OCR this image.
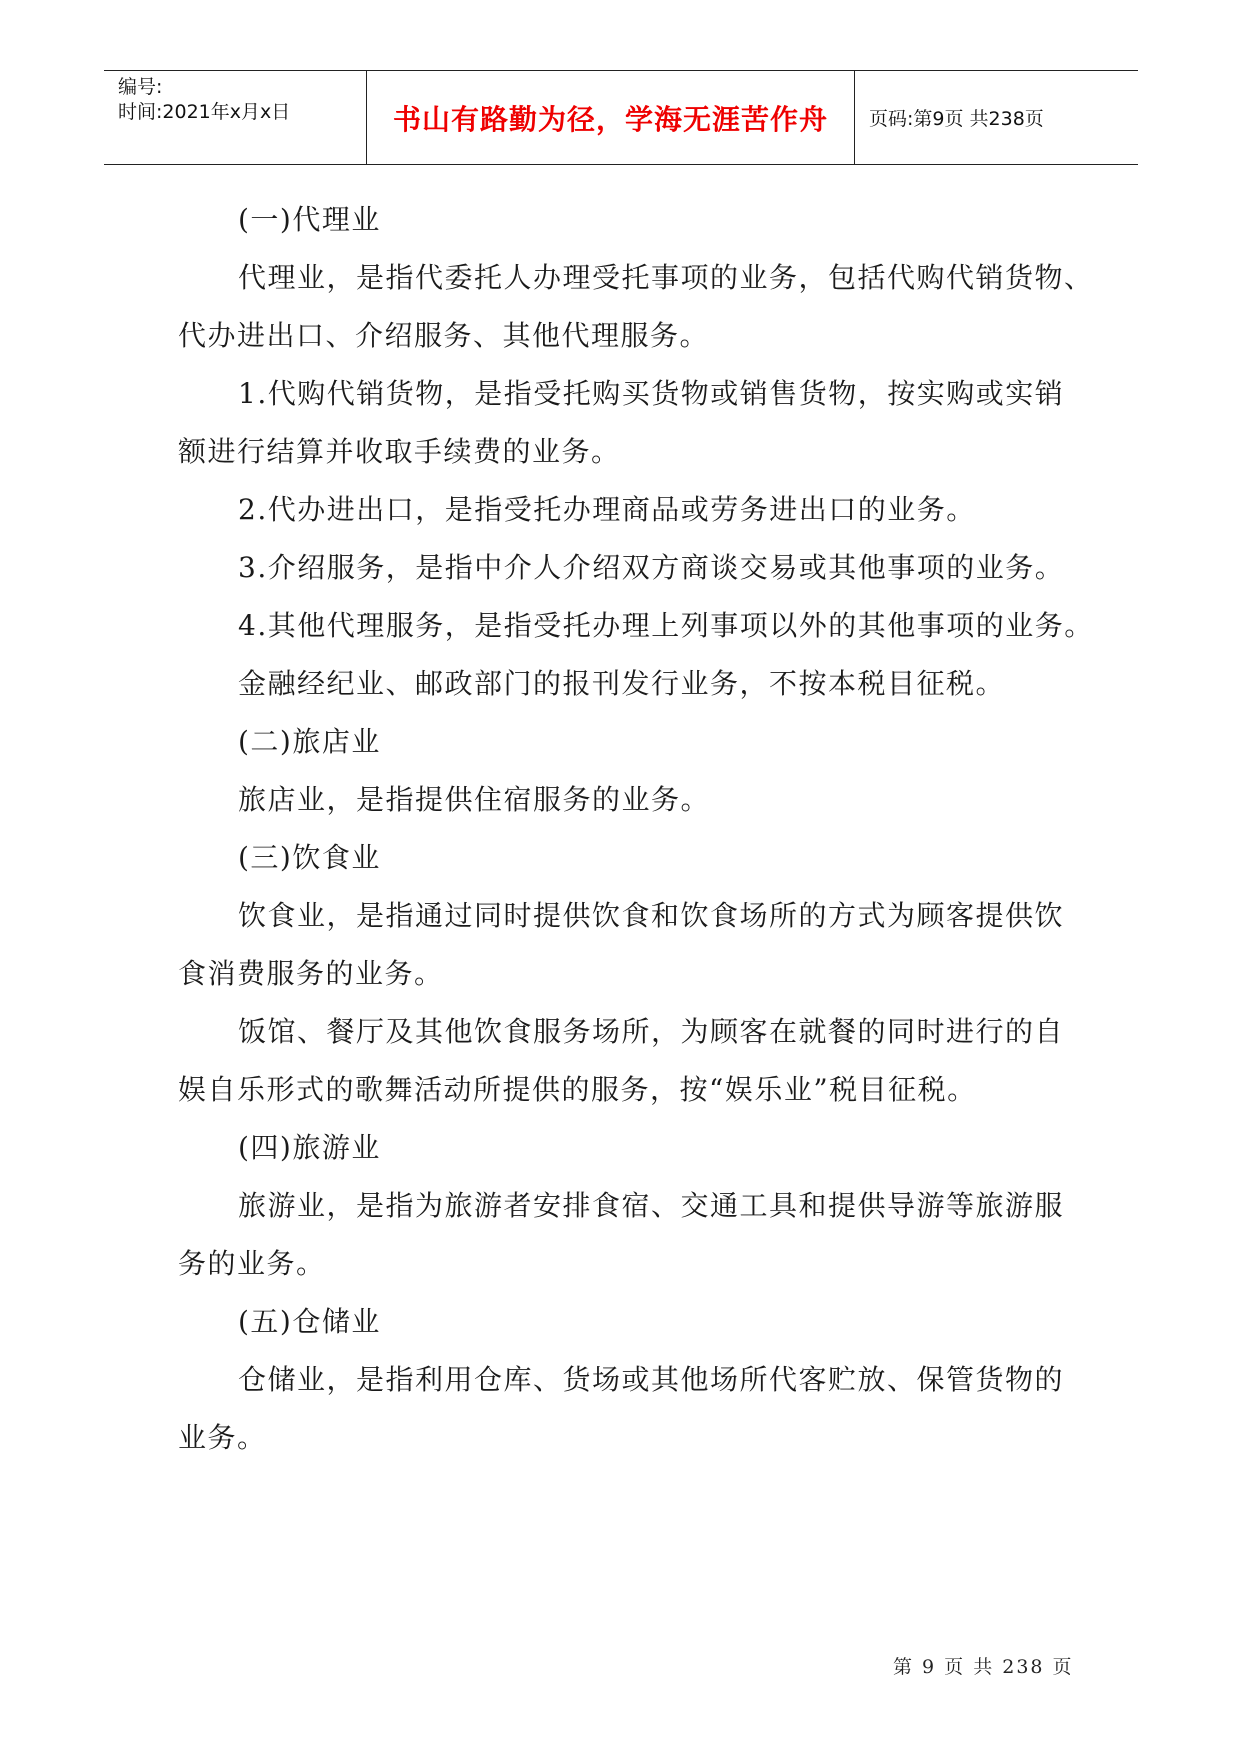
编号:
时间:2021年x月x日	书山有路勤为径，学海无涯苦作舟	页码:第9页 共238页
(一)代理业
代理业，是指代委托人办理受托事项的业务，包括代购代销货物、
代办进出口、介绍服务、其他代理服务。
1.代购代销货物，是指受托购买货物或销售货物，按实购或实销
额进行结算并收取手续费的业务。
2.代办进出口，是指受托办理商品或劳务进出口的业务。
3.介绍服务，是指中介人介绍双方商谈交易或其他事项的业务。
4.其他代理服务，是指受托办理上列事项以外的其他事项的业务。
金融经纪业、邮政部门的报刊发行业务，不按本税目征税。
(二)旅店业
旅店业，是指提供住宿服务的业务。
(三)饮食业
饮食业，是指通过同时提供饮食和饮食场所的方式为顾客提供饮
食消费服务的业务。
饭馆、餐厅及其他饮食服务场所，为顾客在就餐的同时进行的自
娱自乐形式的歌舞活动所提供的服务，按“娱乐业”税目征税。
(四)旅游业
旅游业，是指为旅游者安排食宿、交通工具和提供导游等旅游服
务的业务。
(五)仓储业
仓储业，是指利用仓库、货场或其他场所代客贮放、保管货物的
业务。
第 9 页 共 238 页
